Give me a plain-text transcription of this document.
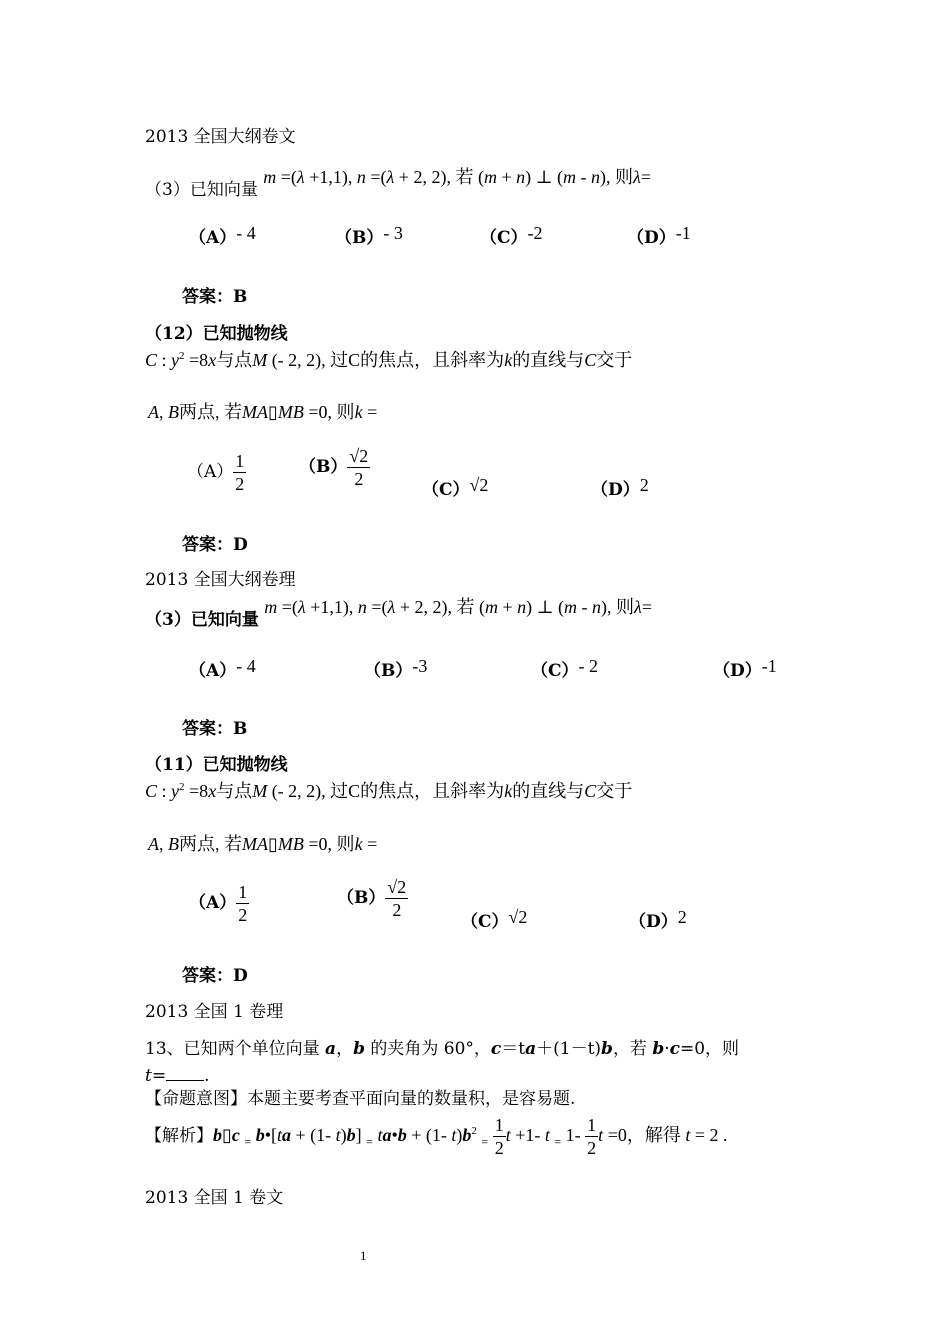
2013 全国大纲卷文
（3）已知向量 m =(λ +1,1), n =(λ + 2, 2), 若 (m + n) ⊥ (m - n), 则λ=
（A）- 4	（B）- 3	（C）-2	（D）-1
答案：B
（12）已知抛物线
C : $y^2 =8x$与点M (- 2, 2), 过C的焦点，且斜率为k的直线与C交于
A, B两点, 若MA▯MB =0, 则k =
$(A) \frac{1}{2}$	$(B) \frac{√2}{2}$
（C）√2	（D）2
答案：D
2013 全国大纲卷理
（3）已知向量 m =(λ +1,1), n =(λ + 2, 2), 若 (m + n) ⊥ (m - n), 则λ=
（A）- 4	（B）-3	（C）- 2	（D）-1
答案：B
（11）已知抛物线
C : $y^2 =8x$与点M (- 2, 2), 过C的焦点，且斜率为k的直线与C交于
A, B两点, 若MA▯MB =0, 则k =
$(A) \frac{1}{2}$	$(B) \frac{√2}{2}$
（C）√2	（D）2
答案：D
2013 全国 1 卷理
13、已知两个单位向量 a，b 的夹角为 60°，c＝ta＋(1－t)b，若 b·c=0，则
t= .
【命题意图】本题主要考查平面向量的数量积，是容易题.
【解析】b▯c $_=$ b•[ta + (1- t)b] $_=$ ta•b + (1- $t)b^2$ $_= \frac{1}{2}$ t +1- t $_=$ $1- \frac{1}{2}$ t =0，解得 t = 2 .
2013 全国 1 卷文
1
